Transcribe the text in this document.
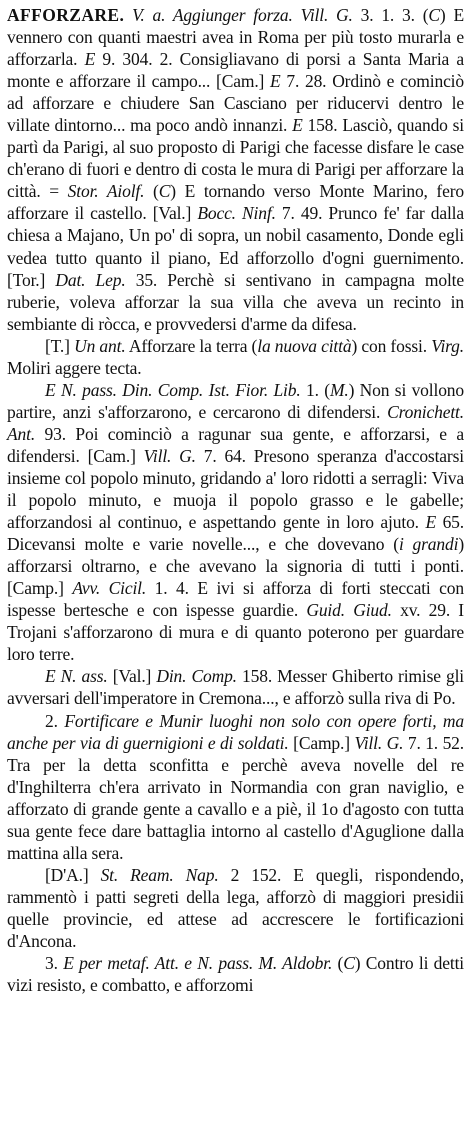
AFFORZARE. V. a. Aggiunger forza. Vill. G. 3. 1. 3. (C) E vennero con quanti maestri avea in Roma per più tosto murarla e afforzarla. E 9. 304. 2. Consigliavano di porsi a Santa Maria a monte e afforzare il campo... [Cam.] E 7. 28. Ordinò e cominciò ad afforzare e chiudere San Casciano per riducervi dentro le villate dintorno... ma poco andò innanzi. E 158. Lasciò, quando si partì da Parigi, al suo proposto di Parigi che facesse disfare le case ch'erano di fuori e dentro di costa le mura di Parigi per afforzare la città. = Stor. Aiolf. (C) E tornando verso Monte Marino, fero afforzare il castello. [Val.] Bocc. Ninf. 7. 49. Prunco fe' far dalla chiesa a Majano, Un po' di sopra, un nobil casamento, Donde egli vedea tutto quanto il piano, Ed afforzollo d'ogni guernimento. [Tor.] Dat. Lep. 35. Perchè si sentivano in campagna molte ruberie, voleva afforzar la sua villa che aveva un recinto in sembiante di ròcca, e provvedersi d'arme da difesa.

[T.] Un ant. Afforzare la terra (la nuova città) con fossi. Virg. Moliri aggere tecta.

E N. pass. Din. Comp. Ist. Fior. Lib. 1. (M.) Non si vollono partire, anzi s'afforzarono, e cercarono di difendersi. Cronichett. Ant. 93. Poi cominciò a ragunar sua gente, e afforzarsi, e a difendersi. [Cam.] Vill. G. 7. 64. Presono speranza d'accostarsi insieme col popolo minuto, gridando a' loro ridotti a serragli: Viva il popolo minuto, e muoja il popolo grasso e le gabelle; afforzandosi al continuo, e aspettando gente in loro ajuto. E 65. Dicevansi molte e varie novelle..., e che dovevano (i grandi) afforzarsi oltrarno, e che avevano la signoria di tutti i ponti. [Camp.] Avv. Cicil. 1. 4. E ivi si afforza di forti steccati con ispesse bertesche e con ispesse guardie. Guid. Giud. xv. 29. I Trojani s'afforzarono di mura e di quanto poterono per guardare loro terre.

E N. ass. [Val.] Din. Comp. 158. Messer Ghiberto rimise gli avversari dell'imperatore in Cremona..., e afforzò sulla riva di Po.

2. Fortificare e Munir luoghi non solo con opere forti, ma anche per via di guernigioni e di soldati. [Camp.] Vill. G. 7. 1. 52. Tra per la detta sconfitta e perchè aveva novelle del re d'Inghilterra ch'era arrivato in Normandia con gran naviglio, e afforzato di grande gente a cavallo e a piè, il 1o d'agosto con tutta sua gente fece dare battaglia intorno al castello d'Aguglione dalla mattina alla sera.

[D'A.] St. Ream. Nap. 2 152. E quegli, rispondendo, rammentò i patti segreti della lega, afforzò di maggiori presidii quelle provincie, ed attese ad accrescere le fortificazioni d'Ancona.

3. E per metaf. Att. e N. pass. M. Aldobr. (C) Contro li detti vizi resisto, e combatto, e afforzomi
